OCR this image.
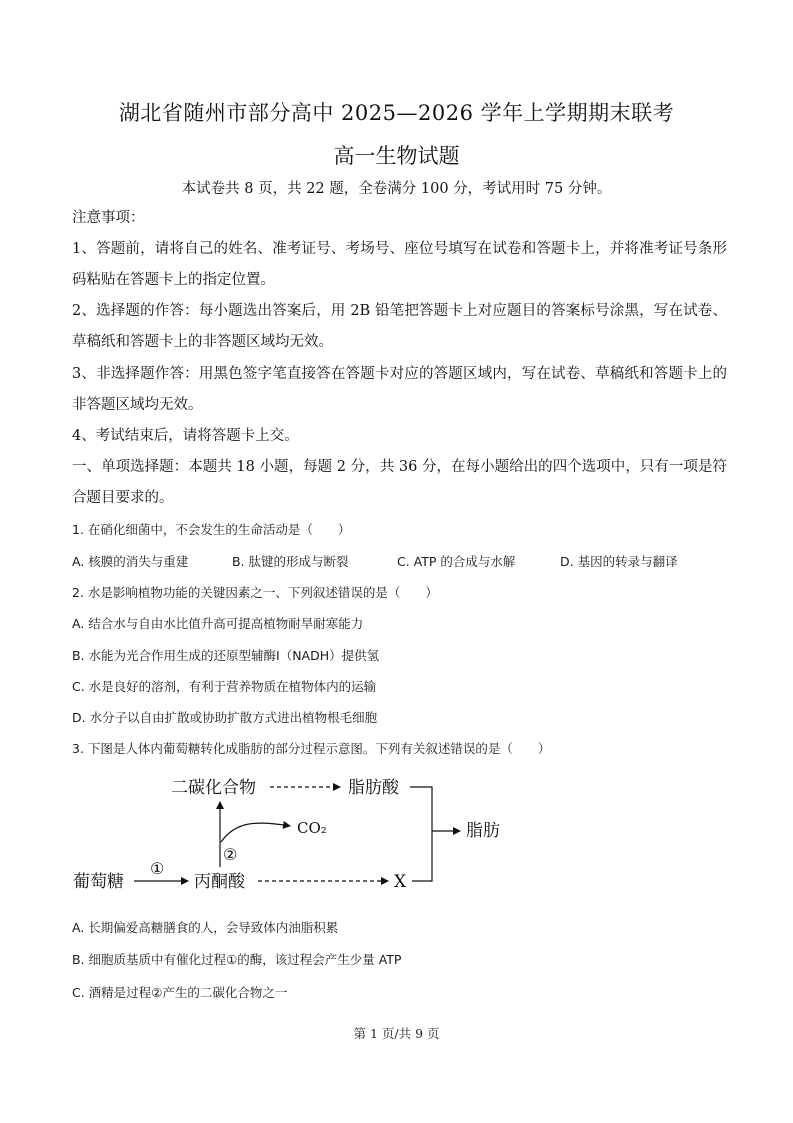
湖北省随州市部分高中 2025—2026 学年上学期期末联考
高一生物试题
本试卷共 8 页，共 22 题，全卷满分 100 分，考试用时 75 分钟。
注意事项：
1、答题前，请将自己的姓名、准考证号、考场号、座位号填写在试卷和答题卡上，并将准考证号条形码粘贴在答题卡上的指定位置。
2、选择题的作答：每小题选出答案后，用 2B 铅笔把答题卡上对应题目的答案标号涂黑，写在试卷、草稿纸和答题卡上的非答题区域均无效。
3、非选择题作答：用黑色签字笔直接答在答题卡对应的答题区域内，写在试卷、草稿纸和答题卡上的非答题区域均无效。
4、考试结束后，请将答题卡上交。
一、单项选择题：本题共 18 小题，每题 2 分，共 36 分，在每小题给出的四个选项中，只有一项是符合题目要求的。
1. 在硝化细菌中，不会发生的生命活动是（　　）
A. 核膜的消失与重建	B. 肽键的形成与断裂	C. ATP 的合成与水解	D. 基因的转录与翻译
2. 水是影响植物功能的关键因素之一、下列叙述错误的是（　　）
A. 结合水与自由水比值升高可提高植物耐旱耐寒能力
B. 水能为光合作用生成的还原型辅酶Ⅰ（NADH）提供氢
C. 水是良好的溶剂，有利于营养物质在植物体内的运输
D. 水分子以自由扩散或协助扩散方式进出植物根毛细胞
3. 下图是人体内葡萄糖转化成脂肪的部分过程示意图。下列有关叙述错误的是（　　）
二碳化合物	脂肪酸
葡萄糖	丙酮酸	X
脂肪
CO₂
①
②
A. 长期偏爱高糖膳食的人，会导致体内油脂积累
B. 细胞质基质中有催化过程①的酶，该过程会产生少量 ATP
C. 酒精是过程②产生的二碳化合物之一
第 1 页/共 9 页
